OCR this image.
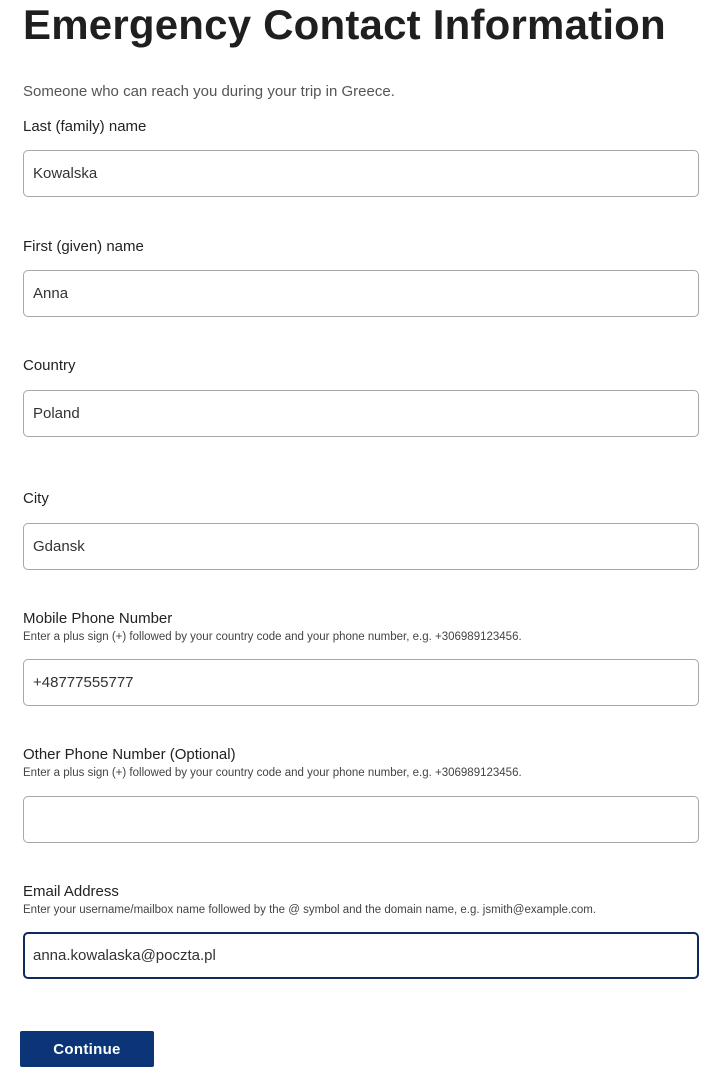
Emergency Contact Information
Someone who can reach you during your trip in Greece.
Last (family) name
Kowalska
First (given) name
Anna
Country
Poland
City
Gdansk
Mobile Phone Number
Enter a plus sign (+) followed by your country code and your phone number, e.g. +306989123456.
+48777555777
Other Phone Number (Optional)
Enter a plus sign (+) followed by your country code and your phone number, e.g. +306989123456.
Email Address
Enter your username/mailbox name followed by the @ symbol and the domain name, e.g. jsmith@example.com.
anna.kowalaska@poczta.pl
Continue
